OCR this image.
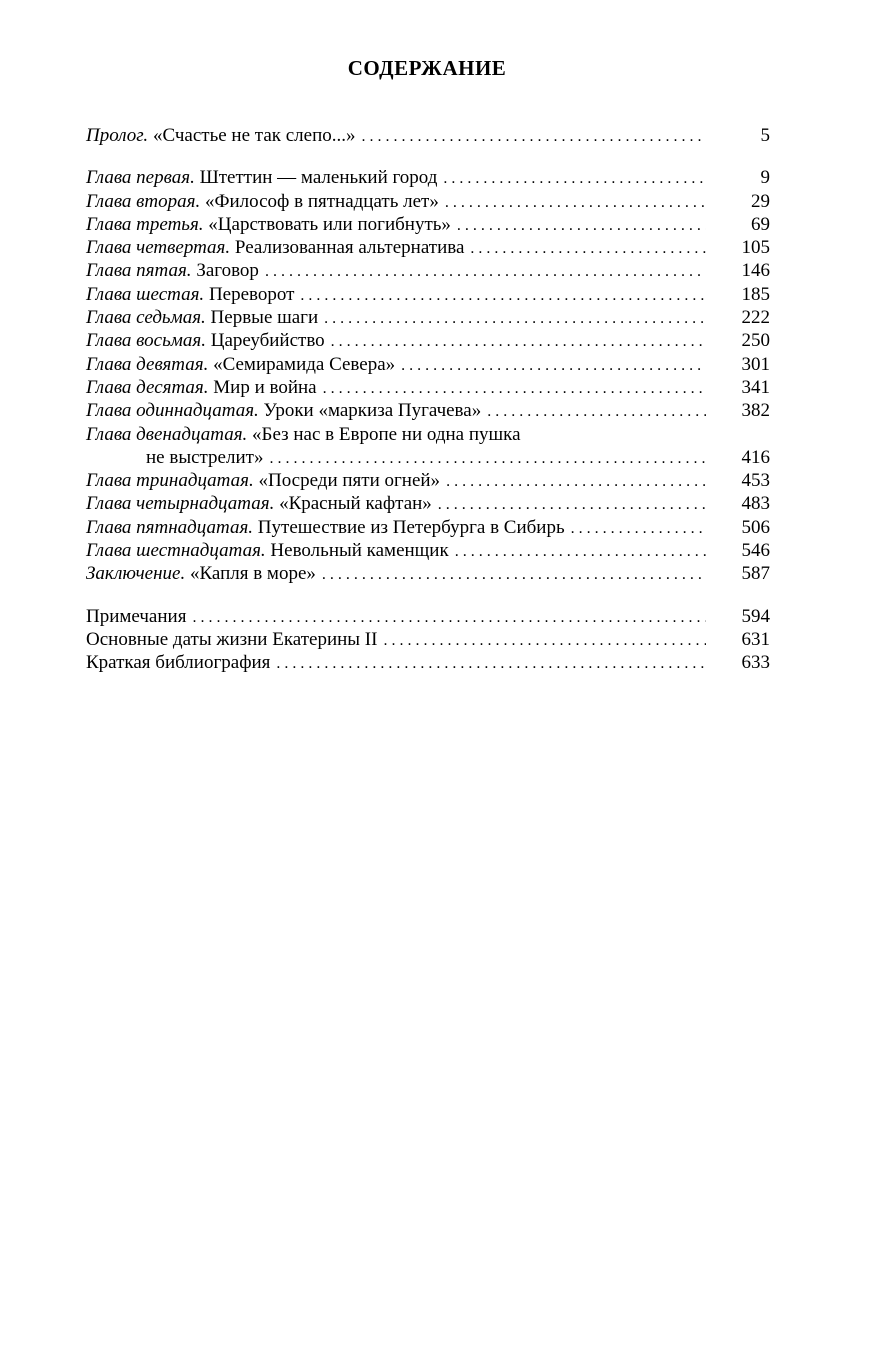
СОДЕРЖАНИЕ
Пролог. «Счастье не так слепо...» . . .	5
Глава первая. Штеттин — маленький город . . .	9
Глава вторая. «Философ в пятнадцать лет» . . .	29
Глава третья. «Царствовать или погибнуть» . . .	69
Глава четвертая. Реализованная альтернатива . . .	105
Глава пятая. Заговор . . .	146
Глава шестая. Переворот . . .	185
Глава седьмая. Первые шаги . . .	222
Глава восьмая. Цареубийство . . .	250
Глава девятая. «Семирамида Севера» . . .	301
Глава десятая. Мир и война . . .	341
Глава одиннадцатая. Уроки «маркиза Пугачева» . . .	382
Глава двенадцатая. «Без нас в Европе ни одна пушка
не выстрелит» . . .	416
Глава тринадцатая. «Посреди пяти огней» . . .	453
Глава четырнадцатая. «Красный кафтан» . . .	483
Глава пятнадцатая. Путешествие из Петербурга в Сибирь . . .	506
Глава шестнадцатая. Невольный каменщик . . .	546
Заключение. «Капля в море» . . .	587
Примечания . . .	594
Основные даты жизни Екатерины II . . .	631
Краткая библиография . . .	633
